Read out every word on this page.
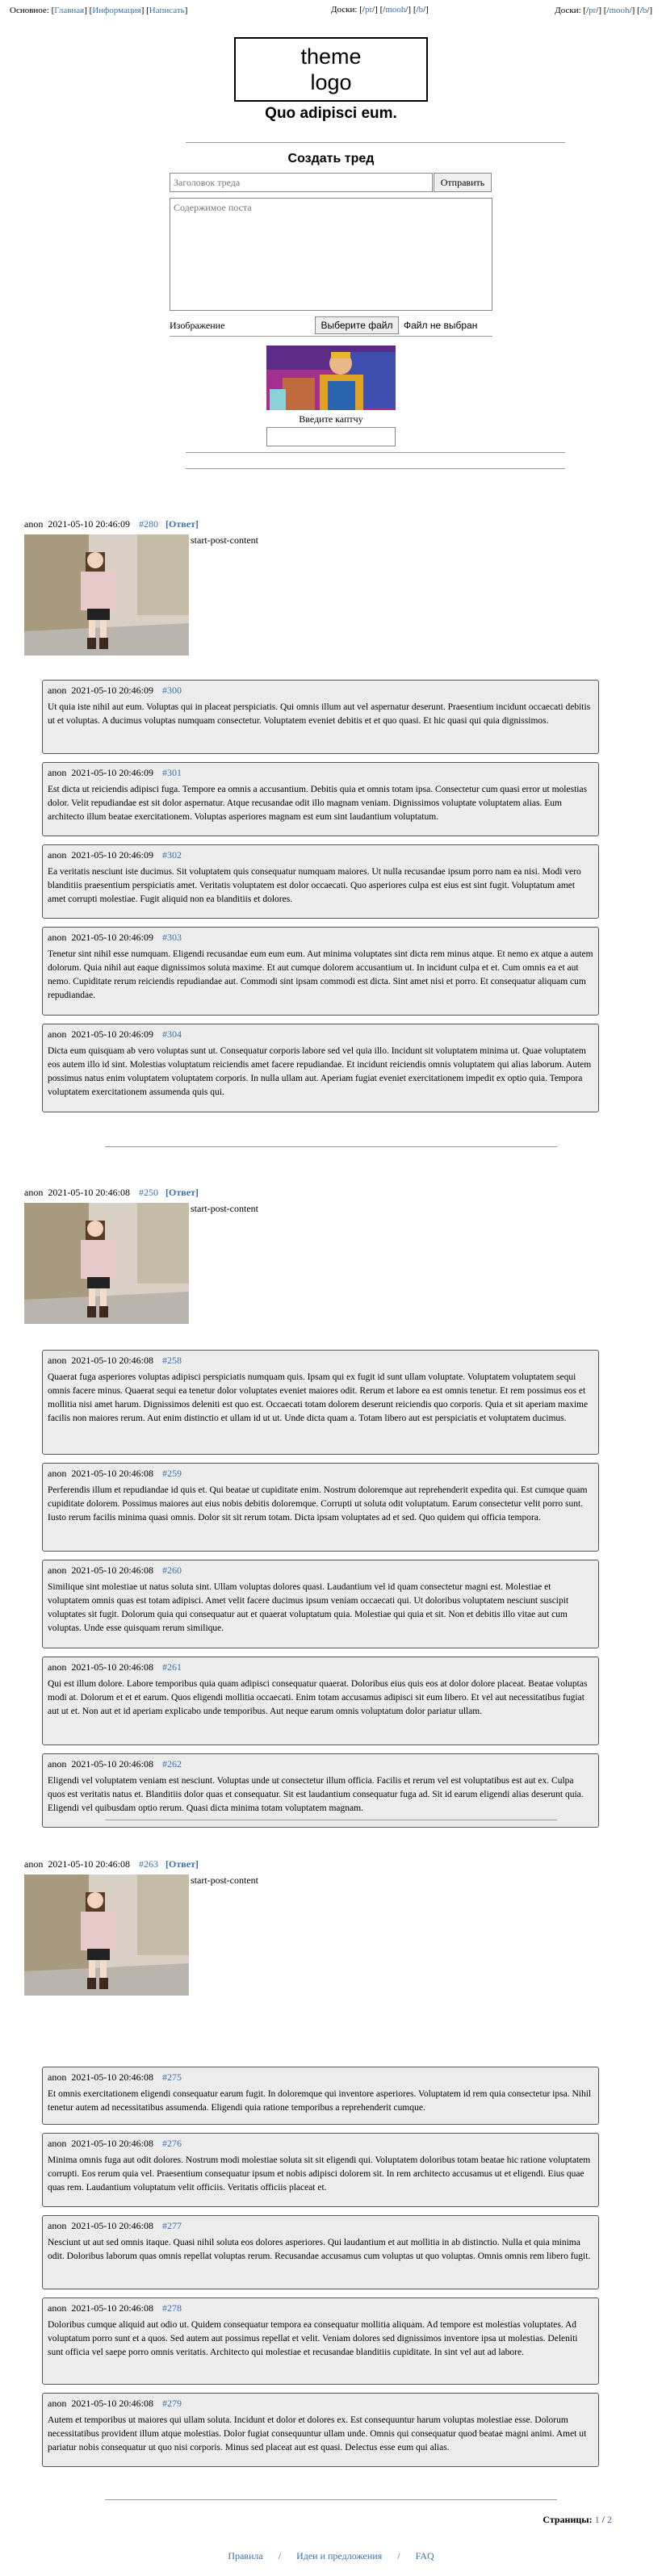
Основное: [Главная] [Информация] [Написать]	Доски: [/pr/] [/mooh/] [/b/]	Доски: [/pr/] [/mooh/] [/b/]
theme
logo
Quo adipisci eum.
Создать тред
Заголовок треда
Отправить
Содержимое поста
Изображение	Выберите файл	Файл не выбран
Введите каптчу
anon 2021-05-10 20:46:09 #280 [Ответ]
start-post-content
anon 2021-05-10 20:46:09 #300
Ut quia iste nihil aut eum. Voluptas qui in placeat perspiciatis. Qui omnis illum aut vel aspernatur deserunt. Praesentium incidunt occaecati debitis ut et voluptas. A ducimus voluptas numquam consectetur. Voluptatem eveniet debitis et et quo quasi. Et hic quasi qui quia dignissimos.
anon 2021-05-10 20:46:09 #301
Est dicta ut reiciendis adipisci fuga. Tempore ea omnis a accusantium. Debitis quia et omnis totam ipsa. Consectetur cum quasi error ut molestias dolor. Velit repudiandae est sit dolor aspernatur. Atque recusandae odit illo magnam veniam. Dignissimos voluptate voluptatem alias. Eum architecto illum beatae exercitationem. Voluptas asperiores magnam est eum sint laudantium voluptatum.
anon 2021-05-10 20:46:09 #302
Ea veritatis nesciunt iste ducimus. Sit voluptatem quis consequatur numquam maiores. Ut nulla recusandae ipsum porro nam ea nisi. Modi vero blanditiis praesentium perspiciatis amet. Veritatis voluptatem est dolor occaecati. Quo asperiores culpa est eius est sint fugit. Voluptatum amet amet corrupti molestiae. Fugit aliquid non ea blanditiis et dolores.
anon 2021-05-10 20:46:09 #303
Tenetur sint nihil esse numquam. Eligendi recusandae eum eum eum. Aut minima voluptates sint dicta rem minus atque. Et nemo ex atque a autem dolorum. Quia nihil aut eaque dignissimos soluta maxime. Et aut cumque dolorem accusantium ut. In incidunt culpa et et. Cum omnis ea et aut nemo. Cupiditate rerum reiciendis repudiandae aut. Commodi sint ipsam commodi est dicta. Sint amet nisi et porro. Et consequatur aliquam cum repudiandae.
anon 2021-05-10 20:46:09 #304
Dicta eum quisquam ab vero voluptas sunt ut. Consequatur corporis labore sed vel quia illo. Incidunt sit voluptatem minima ut. Quae voluptatem eos autem illo id sint. Molestias voluptatum reiciendis amet facere repudiandae. Et incidunt reiciendis omnis voluptatem qui alias laborum. Autem possimus natus enim voluptatem voluptatem corporis. In nulla ullam aut. Aperiam fugiat eveniet exercitationem impedit ex optio quia. Tempora voluptatem exercitationem assumenda quis qui.
anon 2021-05-10 20:46:08 #250 [Ответ]
start-post-content
anon 2021-05-10 20:46:08 #258
Quaerat fuga asperiores voluptas adipisci perspiciatis numquam quis. Ipsam qui ex fugit id sunt ullam voluptate. Voluptatem voluptatem sequi omnis facere minus. Quaerat sequi ea tenetur dolor voluptates eveniet maiores odit. Rerum et labore ea est omnis tenetur. Et rem possimus eos et mollitia nisi amet harum. Dignissimos deleniti est quo est. Occaecati totam dolorem deserunt reiciendis quo corporis. Quia et sit aperiam maxime facilis non maiores rerum. Aut enim distinctio et ullam id ut ut. Unde dicta quam a. Totam libero aut est perspiciatis et voluptatem ducimus.
anon 2021-05-10 20:46:08 #259
Perferendis illum et repudiandae id quis et. Qui beatae ut cupiditate enim. Nostrum doloremque aut reprehenderit expedita qui. Est cumque quam cupiditate dolorem. Possimus maiores aut eius nobis debitis doloremque. Corrupti ut soluta odit voluptatum. Earum consectetur velit porro sunt. Iusto rerum facilis minima quasi omnis. Dolor sit sit rerum totam. Dicta ipsam voluptates ad et sed. Quo quidem qui officia tempora.
anon 2021-05-10 20:46:08 #260
Similique sint molestiae ut natus soluta sint. Ullam voluptas dolores quasi. Laudantium vel id quam consectetur magni est. Molestiae et voluptatem omnis quas est totam adipisci. Amet velit facere ducimus ipsum veniam occaecati qui. Ut doloribus voluptatem nesciunt suscipit voluptates sit fugit. Dolorum quia qui consequatur aut et quaerat voluptatum quia. Molestiae qui quia et sit. Non et debitis illo vitae aut cum voluptas. Unde esse quisquam rerum similique.
anon 2021-05-10 20:46:08 #261
Qui est illum dolore. Labore temporibus quia quam adipisci consequatur quaerat. Doloribus eius quis eos at dolor dolore placeat. Beatae voluptas modi at. Dolorum et et et earum. Quos eligendi mollitia occaecati. Enim totam accusamus adipisci sit eum libero. Et vel aut necessitatibus fugiat aut ut et. Non aut et id aperiam explicabo unde temporibus. Aut neque earum omnis voluptatum dolor pariatur ullam.
anon 2021-05-10 20:46:08 #262
Eligendi vel voluptatem veniam est nesciunt. Voluptas unde ut consectetur illum officia. Facilis et rerum vel est voluptatibus est aut ex. Culpa quos est veritatis natus et. Blanditiis dolor quas et consequatur. Sit est laudantium consequatur fuga ad. Sit id earum eligendi alias deserunt quia. Eligendi vel quibusdam optio rerum. Quasi dicta minima totam voluptatem magnam.
anon 2021-05-10 20:46:08 #263 [Ответ]
start-post-content
anon 2021-05-10 20:46:08 #275
Et omnis exercitationem eligendi consequatur earum fugit. In doloremque qui inventore asperiores. Voluptatem id rem quia consectetur ipsa. Nihil tenetur autem ad necessitatibus assumenda. Eligendi quia ratione temporibus a reprehenderit cumque.
anon 2021-05-10 20:46:08 #276
Minima omnis fuga aut odit dolores. Nostrum modi molestiae soluta sit sit eligendi qui. Voluptatem doloribus totam beatae hic ratione voluptatem corrupti. Eos rerum quia vel. Praesentium consequatur ipsum et nobis adipisci dolorem sit. In rem architecto accusamus ut et eligendi. Eius quae quas rem. Laudantium voluptatum velit officiis. Veritatis officiis placeat et.
anon 2021-05-10 20:46:08 #277
Nesciunt ut aut sed omnis itaque. Quasi nihil soluta eos dolores asperiores. Qui laudantium et aut mollitia in ab distinctio. Nulla et quia minima odit. Doloribus laborum quas omnis repellat voluptas rerum. Recusandae accusamus cum voluptas ut quo voluptas. Omnis omnis rem libero fugit.
anon 2021-05-10 20:46:08 #278
Doloribus cumque aliquid aut odio ut. Quidem consequatur tempora ea consequatur mollitia aliquam. Ad tempore est molestias voluptates. Ad voluptatum porro sunt et a quos. Sed autem aut possimus repellat et velit. Veniam dolores sed dignissimos inventore ipsa ut molestias. Deleniti sunt officia vel saepe porro omnis veritatis. Architecto qui molestiae et recusandae blanditiis cupiditate. In sint vel aut ad labore.
anon 2021-05-10 20:46:08 #279
Autem et temporibus ut maiores qui ullam soluta. Incidunt et dolor et dolores ex. Est consequuntur harum voluptas molestiae esse. Dolorum necessitatibus provident illum atque molestias. Dolor fugiat consequuntur ullam unde. Omnis qui consequatur quod beatae magni animi. Amet ut pariatur nobis consequatur ut quo nisi corporis. Minus sed placeat aut est quasi. Delectus esse eum qui alias.
Страницы: 1 / 2
Правила / Идеи и предложения / FAQ
